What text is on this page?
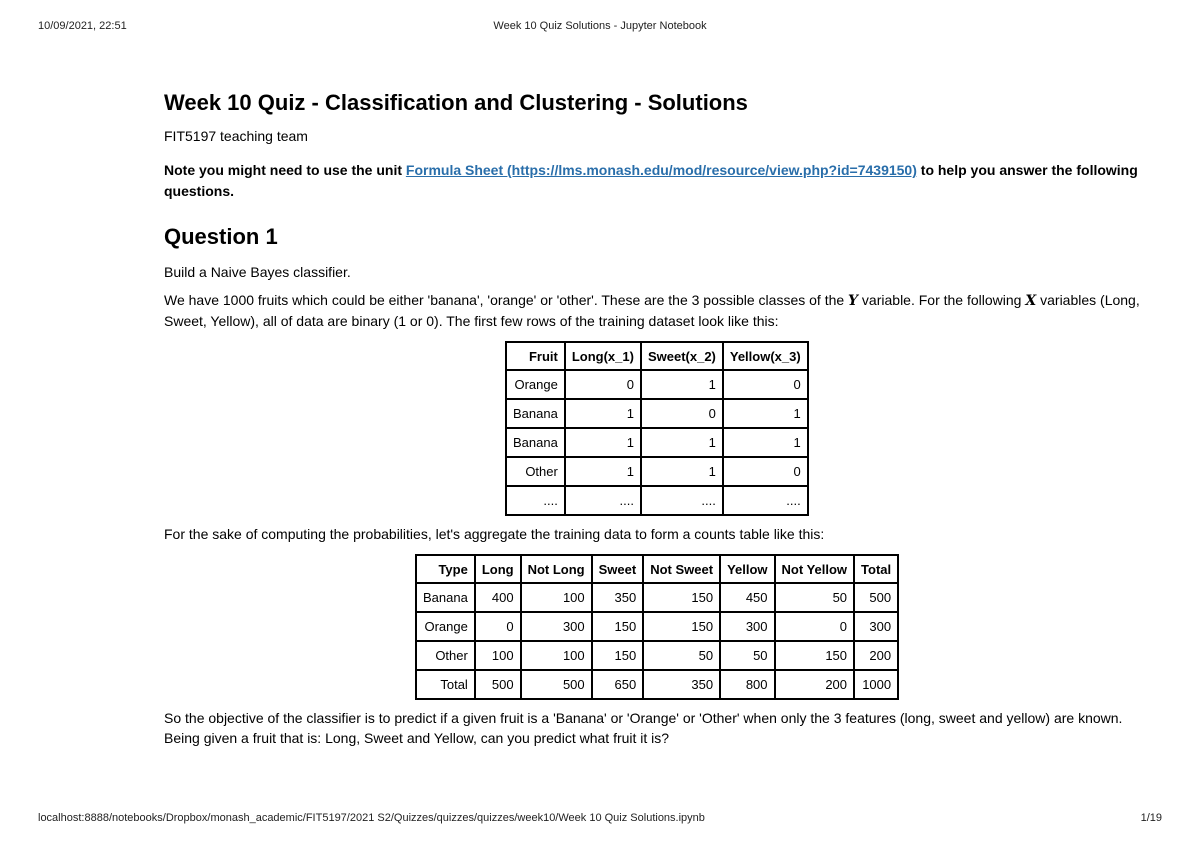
10/09/2021, 22:51	Week 10 Quiz Solutions - Jupyter Notebook
Week 10 Quiz - Classification and Clustering - Solutions

FIT5197 teaching team

Note you might need to use the unit Formula Sheet (https://lms.monash.edu/mod/resource/view.php?id=7439150) to help you answer the following questions.

Question 1

Build a Naive Bayes classifier.

We have 1000 fruits which could be either 'banana', 'orange' or 'other'. These are the 3 possible classes of the Y variable. For the following X variables (Long, Sweet, Yellow), all of data are binary (1 or 0). The first few rows of the training dataset look like this:

Fruit	Long(x_1)	Sweet(x_2)	Yellow(x_3)
Orange	0	1	0
Banana	1	0	1
Banana	1	1	1
Other	1	1	0
....	....	....	....

For the sake of computing the probabilities, let's aggregate the training data to form a counts table like this:

Type	Long	Not Long	Sweet	Not Sweet	Yellow	Not Yellow	Total
Banana	400	100	350	150	450	50	500
Orange	0	300	150	150	300	0	300
Other	100	100	150	50	50	150	200
Total	500	500	650	350	800	200	1000

So the objective of the classifier is to predict if a given fruit is a 'Banana' or 'Orange' or 'Other' when only the 3 features (long, sweet and yellow) are known. Being given a fruit that is: Long, Sweet and Yellow, can you predict what fruit it is?

localhost:8888/notebooks/Dropbox/monash_academic/FIT5197/2021 S2/Quizzes/quizzes/quizzes/week10/Week 10 Quiz Solutions.ipynb	1/19
